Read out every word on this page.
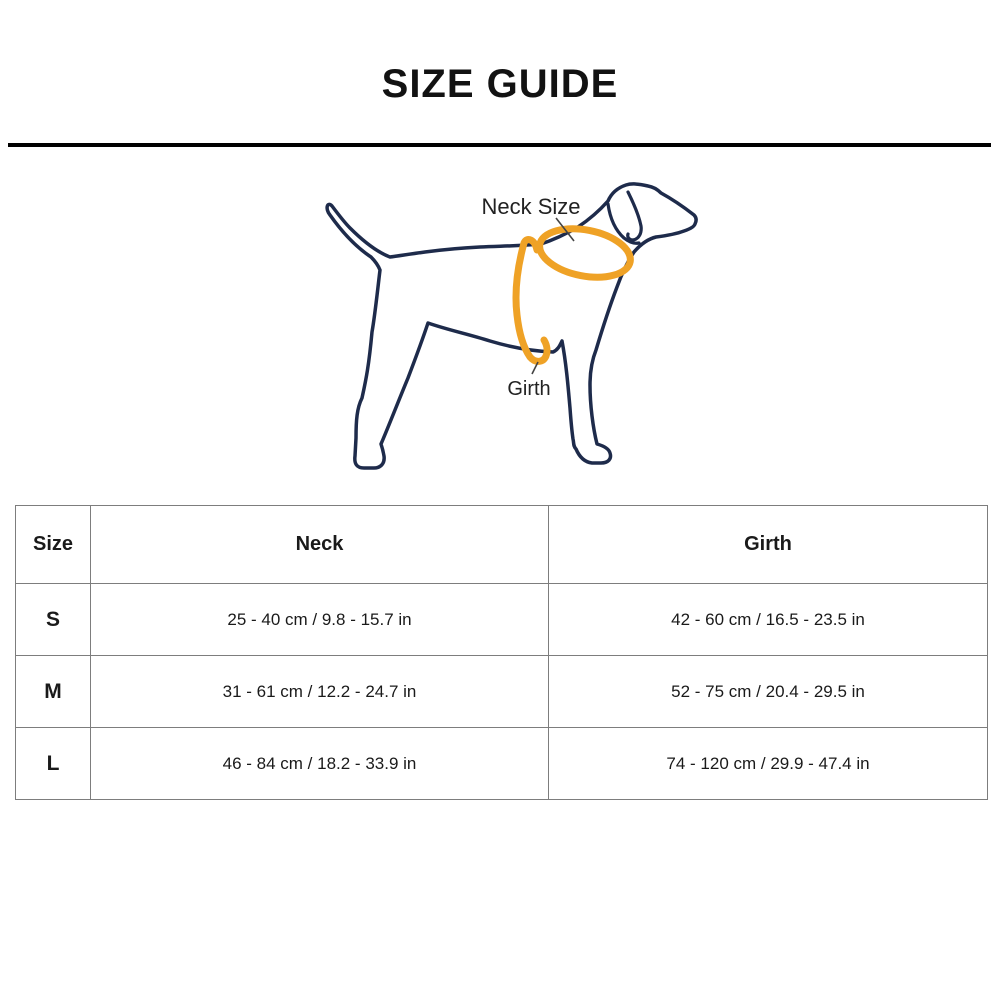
SIZE GUIDE
Neck Size
Girth
Size	Neck	Girth
S	25 - 40 cm / 9.8 - 15.7 in	42 - 60 cm / 16.5 - 23.5 in
M	31 - 61 cm / 12.2 - 24.7 in	52 - 75 cm / 20.4 - 29.5 in
L	46 - 84 cm / 18.2 - 33.9 in	74 - 120 cm / 29.9 - 47.4 in
